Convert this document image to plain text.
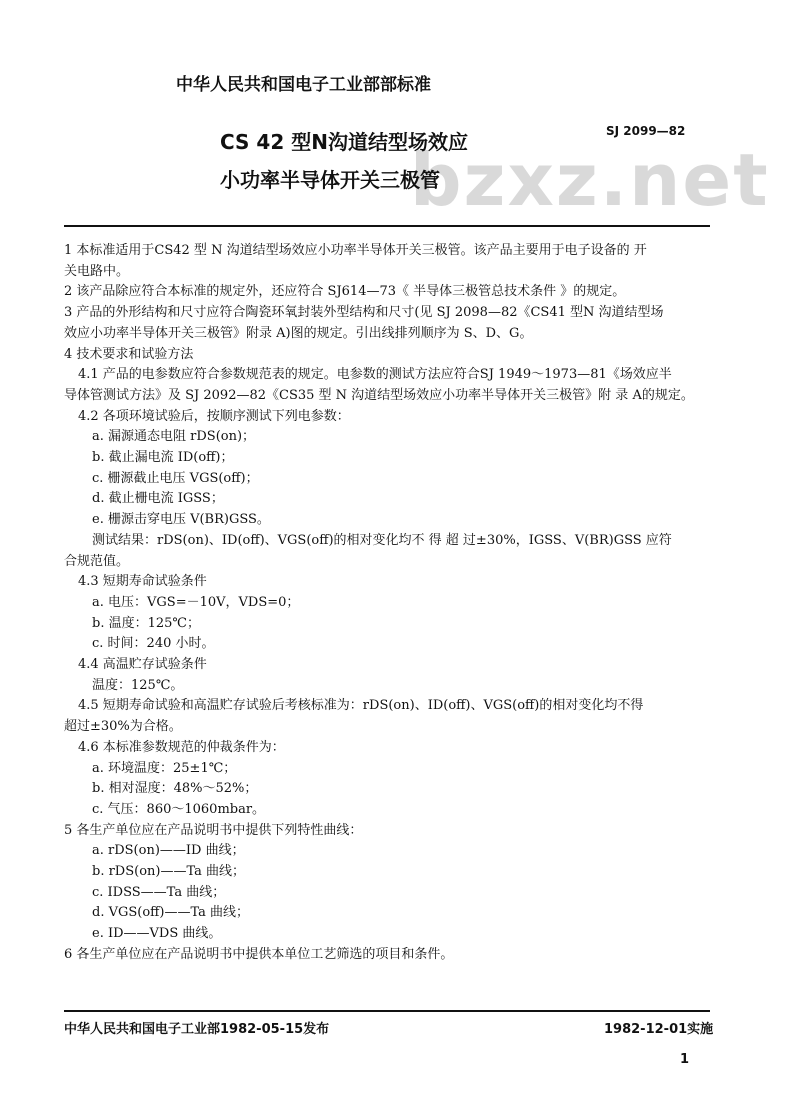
bzxz.net
中华人民共和国电子工业部部标准
CS 42 型N沟道结型场效应
小功率半导体开关三极管
SJ 2099—82
1 本标准适用于CS42 型 N 沟道结型场效应小功率半导体开关三极管。该产品主要用于电子设备的 开
关电路中。
2 该产品除应符合本标准的规定外，还应符合 SJ614—73《 半导体三极管总技术条件 》的规定。
3 产品的外形结构和尺寸应符合陶瓷环氧封装外型结构和尺寸(见 SJ 2098—82《CS41 型N 沟道结型场
效应小功率半导体开关三极管》附录 A)图的规定。引出线排列顺序为 S、D、G。
4 技术要求和试验方法
4.1 产品的电参数应符合参数规范表的规定。电参数的测试方法应符合SJ 1949～1973—81《场效应半
导体管测试方法》及 SJ 2092—82《CS35 型 N 沟道结型场效应小功率半导体开关三极管》附 录 A的规定。
4.2 各项环境试验后，按顺序测试下列电参数：
a. 漏源通态电阻 rDS(on)；
b. 截止漏电流 ID(off)；
c. 栅源截止电压 VGS(off)；
d. 截止栅电流 IGSS；
e. 栅源击穿电压 V(BR)GSS。
测试结果：rDS(on)、ID(off)、VGS(off)的相对变化均不 得 超 过±30%，IGSS、V(BR)GSS 应符
合规范值。
4.3 短期寿命试验条件
a. 电压：VGS=－10V，VDS=0；
b. 温度：125℃；
c. 时间：240 小时。
4.4 高温贮存试验条件
温度：125℃。
4.5 短期寿命试验和高温贮存试验后考核标准为：rDS(on)、ID(off)、VGS(off)的相对变化均不得
超过±30%为合格。
4.6 本标准参数规范的仲裁条件为：
a. 环境温度：25±1℃；
b. 相对湿度：48%～52%；
c. 气压：860～1060mbar。
5 各生产单位应在产品说明书中提供下列特性曲线：
a. rDS(on)——ID 曲线；
b. rDS(on)——Ta 曲线；
c. IDSS——Ta 曲线；
d. VGS(off)——Ta 曲线；
e. ID——VDS 曲线。
6 各生产单位应在产品说明书中提供本单位工艺筛选的项目和条件。
中华人民共和国电子工业部1982-05-15发布	1982-12-01实施
1
